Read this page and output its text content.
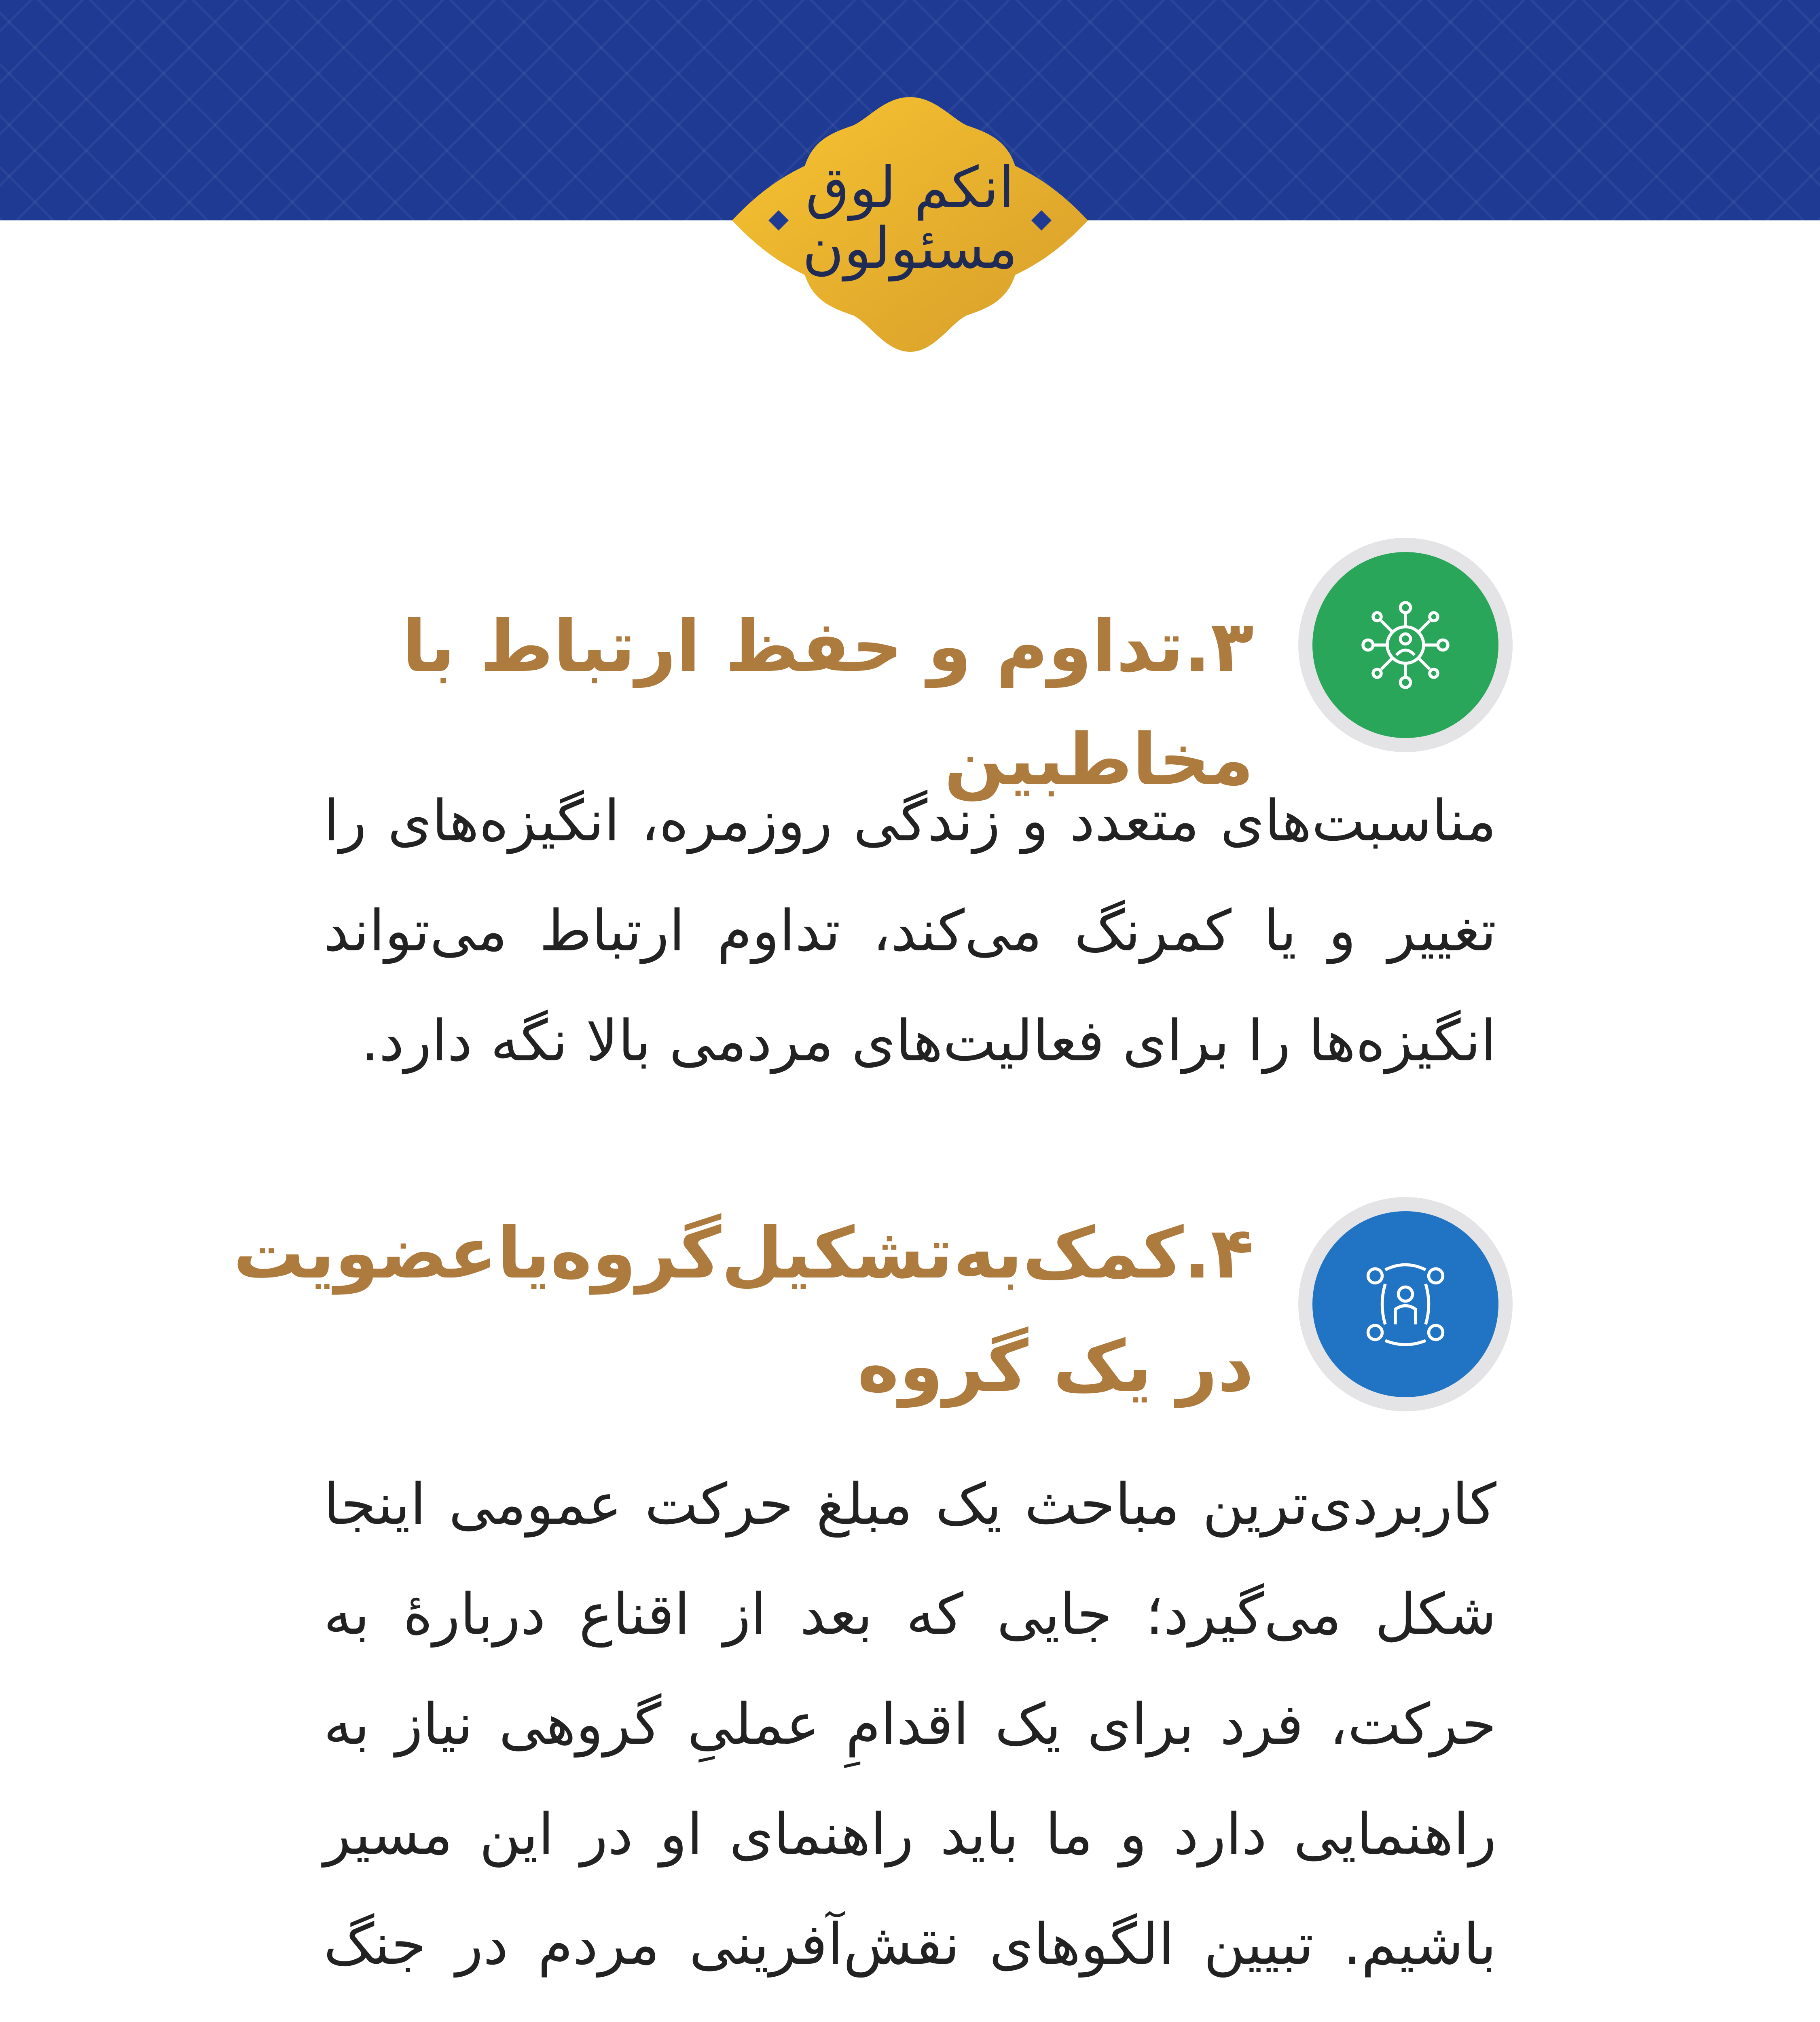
انکم لوق مسئولون
۳.تداوم و حفظ ارتباط با مخاطبین
مناسبت‌های متعدد و زندگی روزمره، انگیزه‌های را تغییر و یا کمرنگ می‌کند، تداوم ارتباط می‌تواند انگیزه‌ها را برای فعالیت‌های مردمی بالا نگه دارد.
۴.کمک‌به‌تشکیل‌گروه‌یاعضویت
در یک گروه
کاربردی‌ترین مباحث یک مبلغ حرکت عمومی اینجا شکل می‌گیرد؛ جایی که بعد از اقناع دربارهٔ به حرکت، فرد برای یک اقدامِ عملیِ گروهی نیاز به راهنمایی دارد و ما باید راهنمای او در این مسیر باشیم. تبیین الگوهای نقش‌آفرینی مردم در جنگ
